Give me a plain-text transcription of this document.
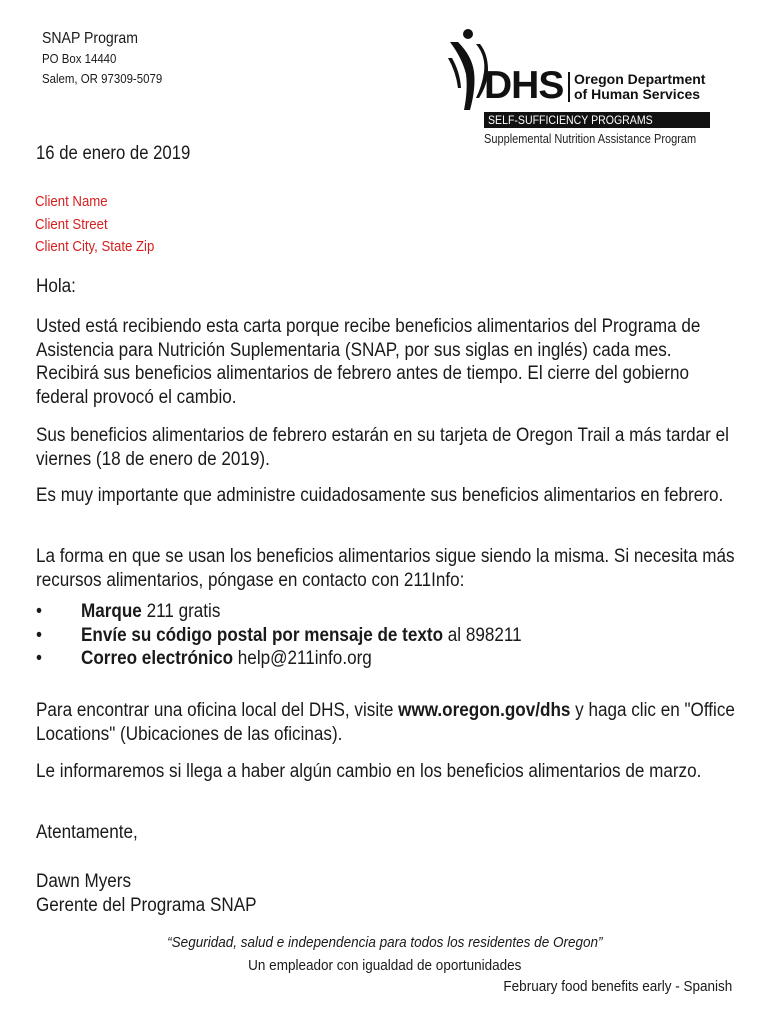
SNAP Program
PO Box 14440
Salem, OR 97309-5079	DHS Oregon Department
of Human Services
SELF-SUFFICIENCY PROGRAMS
Supplemental Nutrition Assistance Program
16 de enero de 2019
Client Name
Client Street
Client City, State Zip

Hola:

Usted está recibiendo esta carta porque recibe beneficios alimentarios del Programa de Asistencia para Nutrición Suplementaria (SNAP, por sus siglas en inglés) cada mes. Recibirá sus beneficios alimentarios de febrero antes de tiempo. El cierre del gobierno federal provocó el cambio.

Sus beneficios alimentarios de febrero estarán en su tarjeta de Oregon Trail a más tardar el viernes (18 de enero de 2019).

Es muy importante que administre cuidadosamente sus beneficios alimentarios en febrero.

La forma en que se usan los beneficios alimentarios sigue siendo la misma. Si necesita más recursos alimentarios, póngase en contacto con 211Info:

• Marque 211 gratis
• Envíe su código postal por mensaje de texto al 898211
• Correo electrónico help@211info.org

Para encontrar una oficina local del DHS, visite www.oregon.gov/dhs y haga clic en "Office Locations" (Ubicaciones de las oficinas).

Le informaremos si llega a haber algún cambio en los beneficios alimentarios de marzo.

Atentamente,

Dawn Myers
Gerente del Programa SNAP
“Seguridad, salud e independencia para todos los residentes de Oregon”
Un empleador con igualdad de oportunidades
February food benefits early - Spanish
